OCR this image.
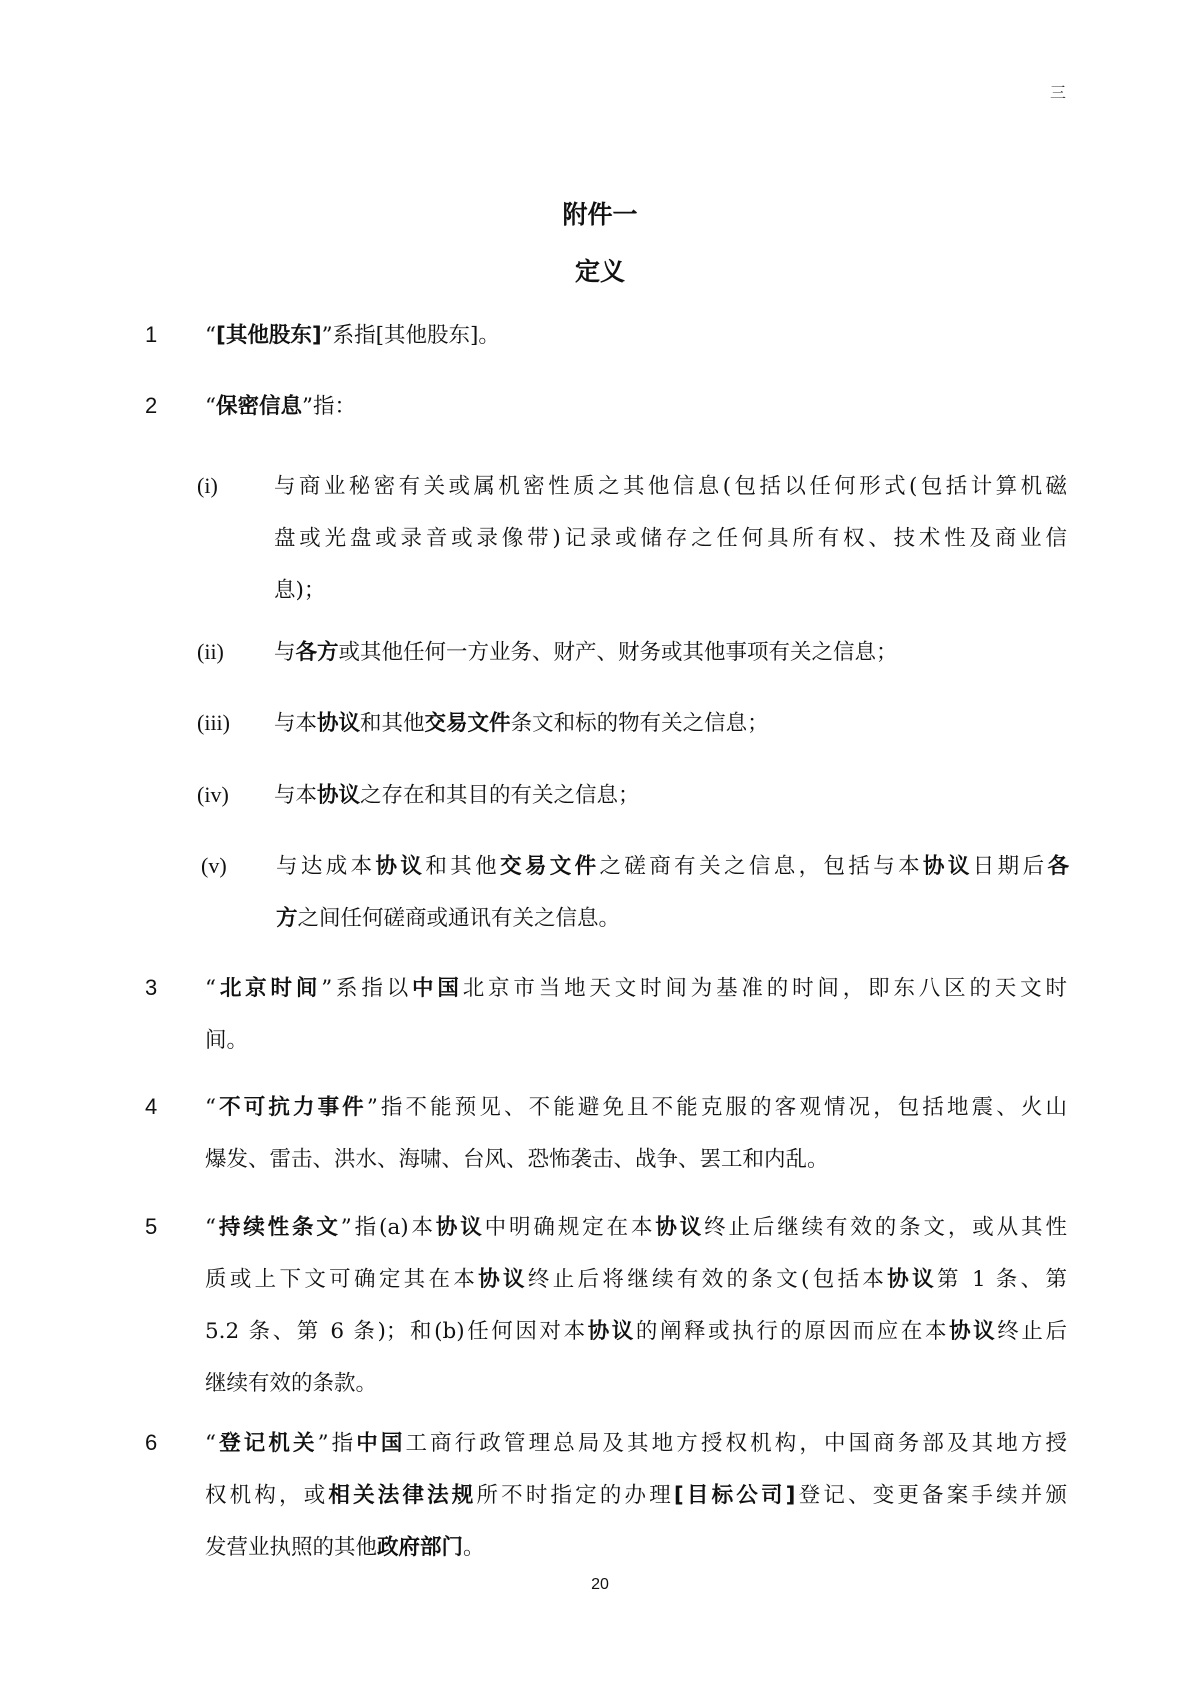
三
附件一
定义
1 “[其他股东]”系指[其他股东]。
2 “保密信息”指：
(i)	与商业秘密有关或属机密性质之其他信息(包括以任何形式(包括计算机磁
盘或光盘或录音或录像带)记录或储存之任何具所有权、技术性及商业信
息)；
(ii) 与各方或其他任何一方业务、财产、财务或其他事项有关之信息；
(iii) 与本协议和其他交易文件条文和标的物有关之信息；
(iv) 与本协议之存在和其目的有关之信息；
(v) 与达成本协议和其他交易文件之磋商有关之信息，包括与本协议日期后各
方之间任何磋商或通讯有关之信息。
3 “北京时间”系指以中国北京市当地天文时间为基准的时间，即东八区的天文时
间。
4 “不可抗力事件”指不能预见、不能避免且不能克服的客观情况，包括地震、火山
爆发、雷击、洪水、海啸、台风、恐怖袭击、战争、罢工和内乱。
5 “持续性条文”指(a)本协议中明确规定在本协议终止后继续有效的条文，或从其性
质或上下文可确定其在本协议终止后将继续有效的条文(包括本协议第 1 条、第
5.2 条、第 6 条)；和(b)任何因对本协议的阐释或执行的原因而应在本协议终止后
继续有效的条款。
6 “登记机关”指中国工商行政管理总局及其地方授权机构，中国商务部及其地方授
权机构，或相关法律法规所不时指定的办理[目标公司]登记、变更备案手续并颁
发营业执照的其他政府部门。
20
